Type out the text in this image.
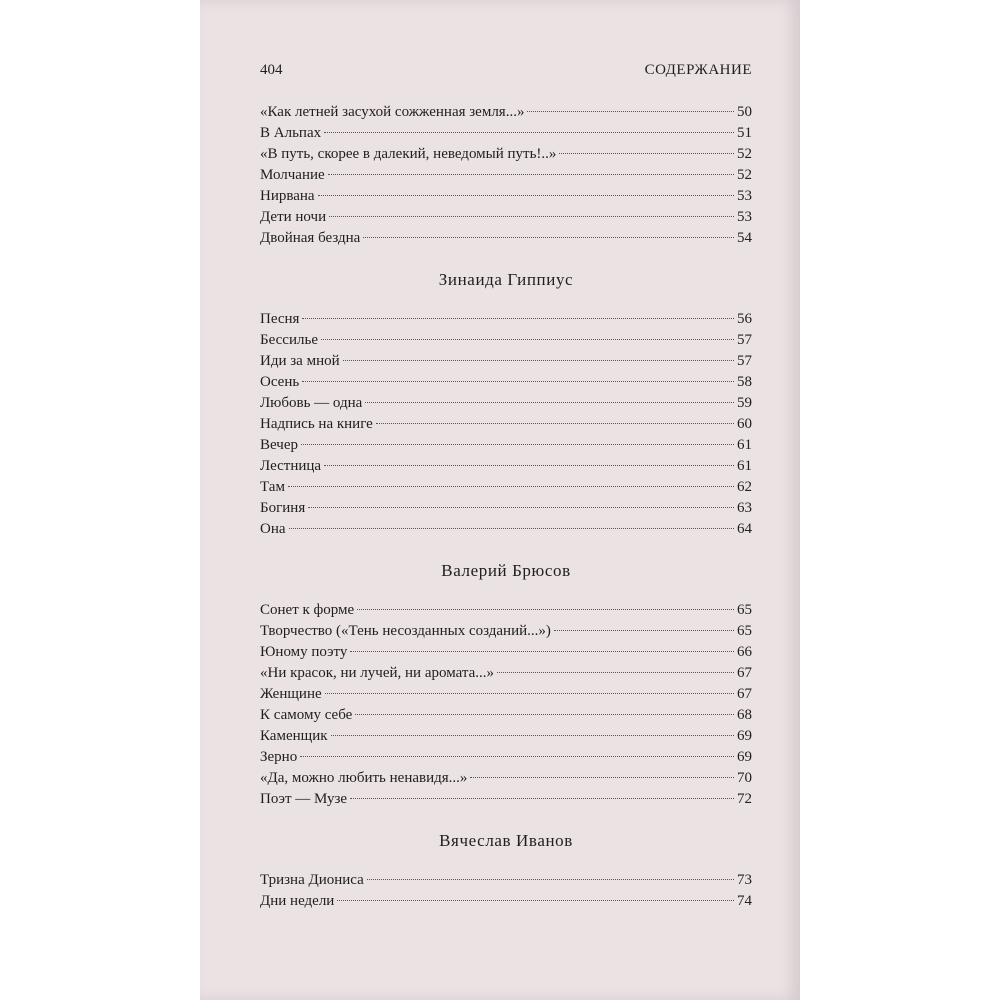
404	СОДЕРЖАНИЕ
«Как летней засухой сожженная земля...»	50
В Альпах	51
«В путь, скорее в далекий, неведомый путь!..»	52
Молчание	52
Нирвана	53
Дети ночи	53
Двойная бездна	54
Зинаида Гиппиус
Песня	56
Бессилье	57
Иди за мной	57
Осень	58
Любовь — одна	59
Надпись на книге	60
Вечер	61
Лестница	61
Там	62
Богиня	63
Она	64
Валерий Брюсов
Сонет к форме	65
Творчество («Тень несозданных созданий...»)	65
Юному поэту	66
«Ни красок, ни лучей, ни аромата...»	67
Женщине	67
К самому себе	68
Каменщик	69
Зерно	69
«Да, можно любить ненавидя...»	70
Поэт — Музе	72
Вячеслав Иванов
Тризна Диониса	73
Дни недели	74
